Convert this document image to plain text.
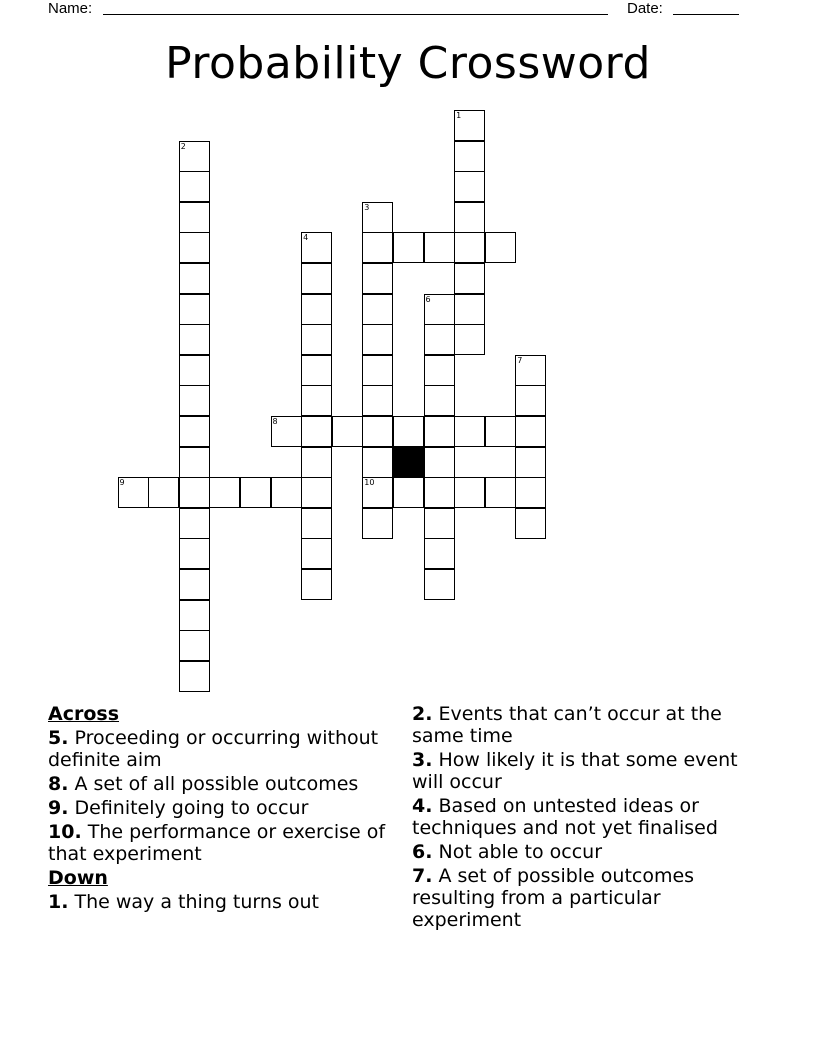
Name:	Date:
Probability Crossword
1
2
3
4
6
7
8
9	10
Across
5. Proceeding or occurring without definite aim
8. A set of all possible outcomes
9. Definitely going to occur
10. The performance or exercise of that experiment
Down
1. The way a thing turns out
2. Events that can’t occur at the same time
3. How likely it is that some event will occur
4. Based on untested ideas or techniques and not yet finalised
6. Not able to occur
7. A set of possible outcomes resulting from a particular experiment
